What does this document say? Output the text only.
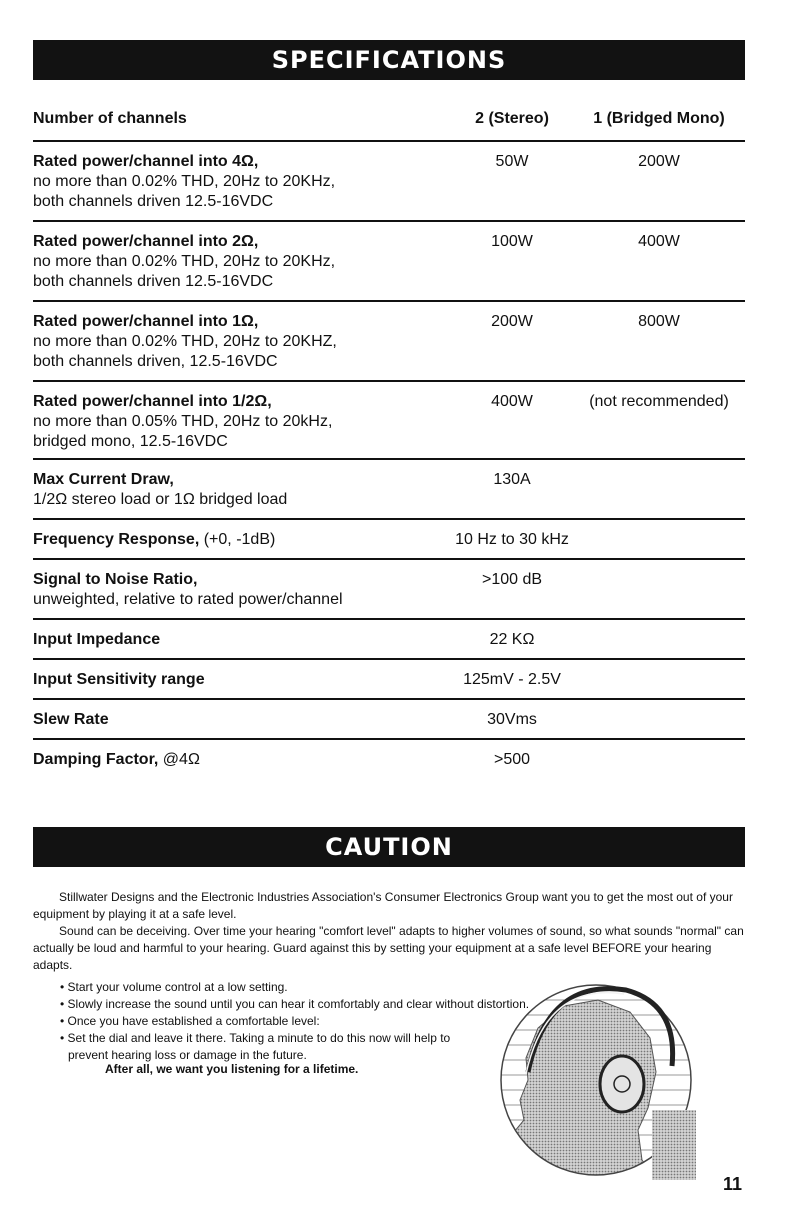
SPECIFICATIONS
Number of channels	2 (Stereo)	1 (Bridged Mono)
Rated power/channel into 4Ω,
no more than 0.02% THD, 20Hz to 20KHz,
both channels driven 12.5-16VDC
50W	200W
Rated power/channel into 2Ω,
no more than 0.02% THD, 20Hz to 20KHz,
both channels driven 12.5-16VDC
100W	400W
Rated power/channel into 1Ω,
no more than 0.02% THD, 20Hz to 20KHZ,
both channels driven, 12.5-16VDC
200W	800W
Rated power/channel into 1/2Ω,
no more than 0.05% THD, 20Hz to 20kHz,
bridged mono, 12.5-16VDC
400W	(not recommended)
Max Current Draw,
1/2Ω stereo load or 1Ω bridged load
130A
Frequency Response, (+0, -1dB)	10 Hz to 30 kHz
Signal to Noise Ratio,
unweighted, relative to rated power/channel
>100 dB
Input Impedance	22 KΩ
Input Sensitivity range	125mV - 2.5V
Slew Rate	30Vms
Damping Factor, @4Ω	>500
CAUTION

Stillwater Designs and the Electronic Industries Association's Consumer Electronics Group want you to get the most out of your equipment by playing it at a safe level.

Sound can be deceiving. Over time your hearing "comfort level" adapts to higher volumes of sound, so what sounds "normal" can actually be loud and harmful to your hearing. Guard against this by setting your equipment at a safe level BEFORE your hearing adapts.

• Start your volume control at a low setting.
• Slowly increase the sound until you can hear it comfortably and clear without distortion.
• Once you have established a comfortable level:
• Set the dial and leave it there. Taking a minute to do this now will help to prevent hearing loss or damage in the future.
After all, we want you listening for a lifetime.
11
